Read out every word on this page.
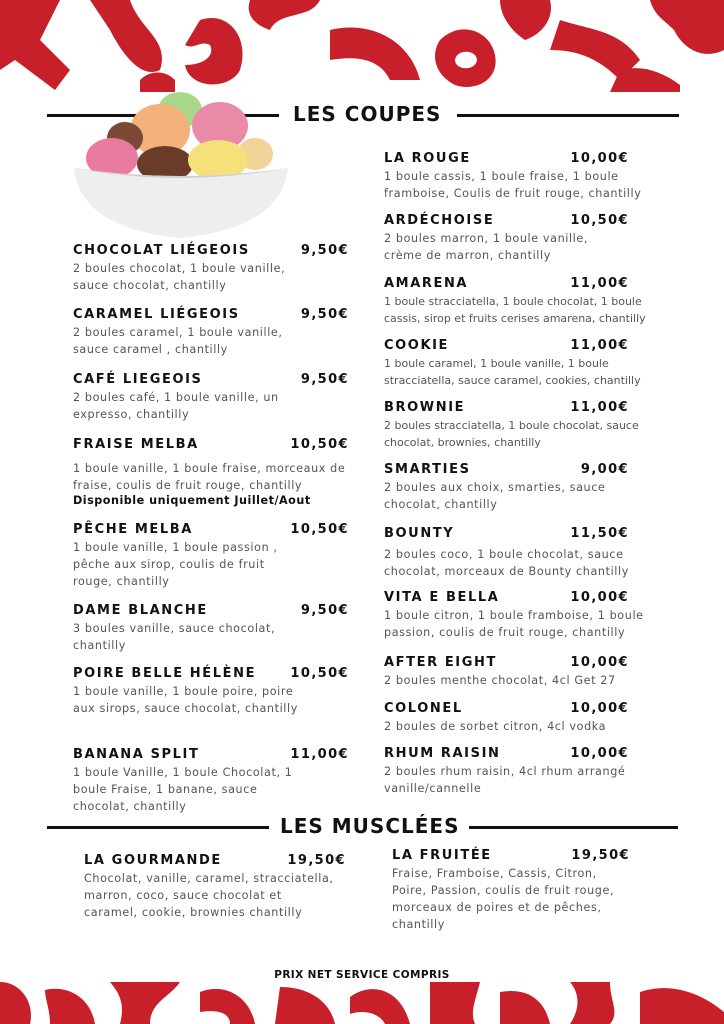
LES COUPES
CHOCOLAT LIÉGEOIS	9,50€
2 boules chocolat, 1 boule vanille, sauce chocolat, chantilly
CARAMEL LIÉGEOIS	9,50€
2 boules caramel, 1 boule vanille, sauce caramel , chantilly
CAFÉ LIEGEOIS	9,50€
2 boules café, 1 boule vanille, un expresso, chantilly
FRAISE MELBA	10,50€
1 boule vanille, 1 boule fraise, morceaux de fraise, coulis de fruit rouge, chantilly
Disponible uniquement Juillet/Aout
PÊCHE MELBA	10,50€
1 boule vanille, 1 boule passion , pêche aux sirop, coulis de fruit rouge, chantilly
DAME BLANCHE	9,50€
3 boules vanille, sauce chocolat, chantilly
POIRE BELLE HÉLÈNE	10,50€
1 boule vanille, 1 boule poire, poire aux sirops, sauce chocolat, chantilly
BANANA SPLIT	11,00€
1 boule Vanille, 1 boule Chocolat, 1 boule Fraise, 1 banane, sauce chocolat, chantilly
LA ROUGE	10,00€
1 boule cassis, 1 boule fraise, 1 boule framboise, Coulis de fruit rouge, chantilly
ARDÉCHOISE	10,50€
2 boules marron, 1 boule vanille, crème de marron, chantilly
AMARENA	11,00€
1 boule stracciatella, 1 boule chocolat, 1 boule cassis, sirop et fruits cerises amarena, chantilly
COOKIE	11,00€
1 boule caramel, 1 boule vanille, 1 boule stracciatella, sauce caramel, cookies, chantilly
BROWNIE	11,00€
2 boules stracciatella, 1 boule chocolat, sauce chocolat, brownies, chantilly
SMARTIES	9,00€
2 boules aux choix, smarties, sauce chocolat, chantilly
BOUNTY	11,50€
2 boules coco, 1 boule chocolat, sauce chocolat, morceaux de Bounty chantilly
VITA E BELLA	10,00€
1 boule citron, 1 boule framboise, 1 boule passion, coulis de fruit rouge, chantilly
AFTER EIGHT	10,00€
2 boules menthe chocolat, 4cl Get 27
COLONEL	10,00€
2 boules de sorbet citron, 4cl vodka
RHUM RAISIN	10,00€
2 boules rhum raisin, 4cl rhum arrangé vanille/cannelle
LES MUSCLÉES
LA GOURMANDE	19,50€
Chocolat, vanille, caramel, stracciatella, marron, coco, sauce chocolat et caramel, cookie, brownies chantilly
LA FRUITÉE	19,50€
Fraise, Framboise, Cassis, Citron, Poire, Passion, coulis de fruit rouge, morceaux de poires et de pêches, chantilly
PRIX NET SERVICE COMPRIS
